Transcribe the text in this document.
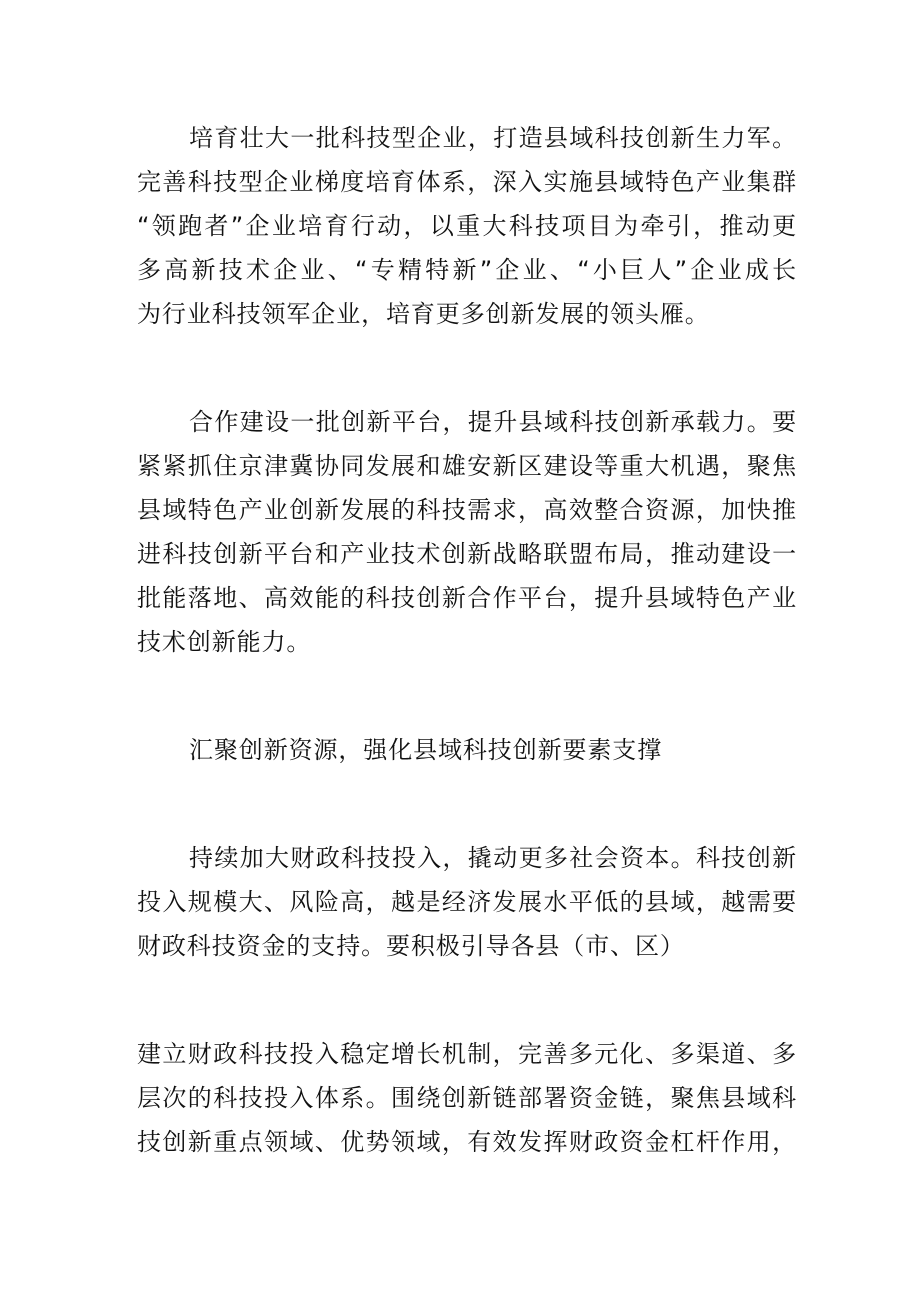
培育壮大一批科技型企业，打造县域科技创新生力军。
完善科技型企业梯度培育体系，深入实施县域特色产业集群
“领跑者”企业培育行动，以重大科技项目为牵引，推动更
多高新技术企业、“专精特新”企业、“小巨人”企业成长
为行业科技领军企业，培育更多创新发展的领头雁。
合作建设一批创新平台，提升县域科技创新承载力。要
紧紧抓住京津冀协同发展和雄安新区建设等重大机遇，聚焦
县域特色产业创新发展的科技需求，高效整合资源，加快推
进科技创新平台和产业技术创新战略联盟布局，推动建设一
批能落地、高效能的科技创新合作平台，提升县域特色产业
技术创新能力。
汇聚创新资源，强化县域科技创新要素支撑
持续加大财政科技投入，撬动更多社会资本。科技创新
投入规模大、风险高，越是经济发展水平低的县域，越需要
财政科技资金的支持。要积极引导各县（市、区）
建立财政科技投入稳定增长机制，完善多元化、多渠道、多
层次的科技投入体系。围绕创新链部署资金链，聚焦县域科
技创新重点领域、优势领域，有效发挥财政资金杠杆作用，
